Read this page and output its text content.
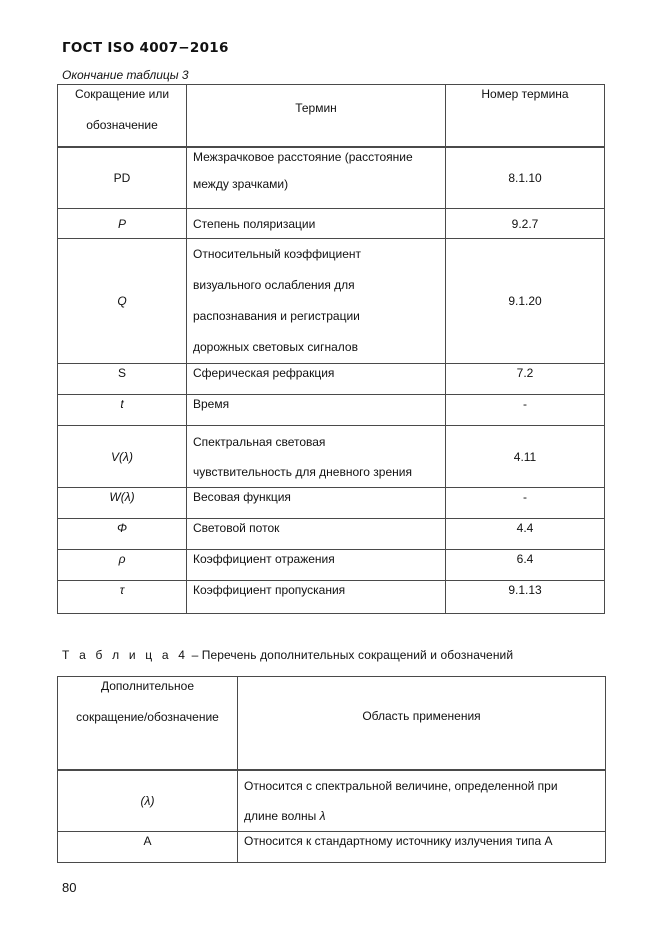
ГОСТ ISO 4007−2016
Окончание таблицы 3
Сокращение или
обозначение	Термин	Номер термина
PD	Межзрачковое расстояние (расстояние
между зрачками)	8.1.10
P	Степень поляризации	9.2.7
Q	Относительный коэффициент
визуального ослабления для
распознавания и регистрации
дорожных световых сигналов	9.1.20
S	Сферическая рефракция	7.2
t	Время	-
V(λ)	Спектральная световая
чувствительность для дневного зрения	4.11
W(λ)	Весовая функция	-
Φ	Световой поток	4.4
ρ	Коэффициент отражения	6.4
τ	Коэффициент пропускания	9.1.13
Т а б л и ц а 4 – Перечень дополнительных сокращений и обозначений
Дополнительное
сокращение/обозначение	Область применения
(λ)	Относится с спектральной величине, определенной при
длине волны λ

A	Относится к стандартному источнику излучения типа A
80
